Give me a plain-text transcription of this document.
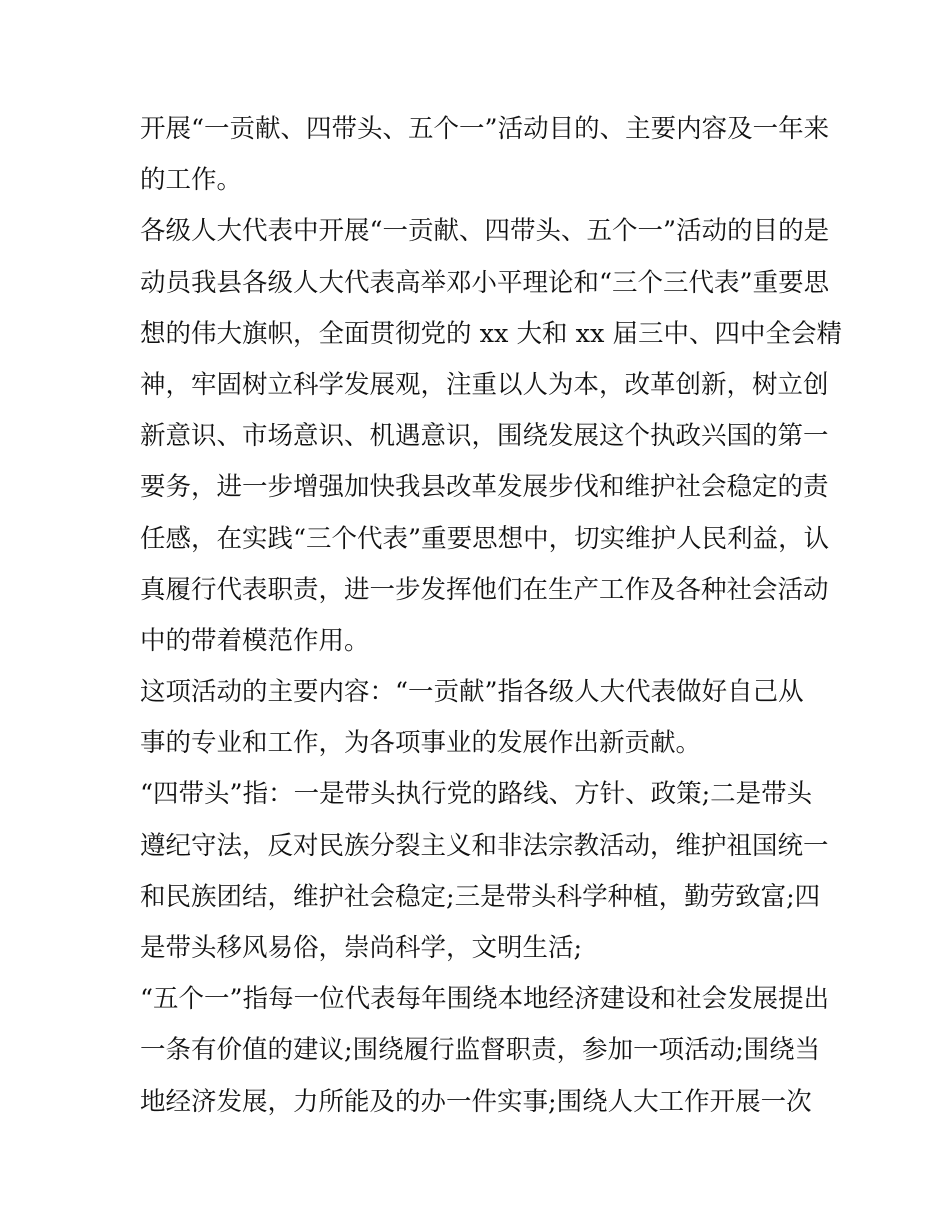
开展“一贡献、四带头、五个一”活动目的、主要内容及一年来
的工作。
各级人大代表中开展“一贡献、四带头、五个一”活动的目的是
动员我县各级人大代表高举邓小平理论和“三个三代表”重要思
想的伟大旗帜，全面贯彻党的 xx 大和 xx 届三中、四中全会精
神，牢固树立科学发展观，注重以人为本，改革创新，树立创
新意识、市场意识、机遇意识，围绕发展这个执政兴国的第一
要务，进一步增强加快我县改革发展步伐和维护社会稳定的责
任感，在实践“三个代表”重要思想中，切实维护人民利益，认
真履行代表职责，进一步发挥他们在生产工作及各种社会活动
中的带着模范作用。
这项活动的主要内容：“一贡献”指各级人大代表做好自己从
事的专业和工作，为各项事业的发展作出新贡献。
“四带头”指：一是带头执行党的路线、方针、政策;二是带头
遵纪守法，反对民族分裂主义和非法宗教活动，维护祖国统一
和民族团结，维护社会稳定;三是带头科学种植，勤劳致富;四
是带头移风易俗，崇尚科学，文明生活;
“五个一”指每一位代表每年围绕本地经济建设和社会发展提出
一条有价值的建议;围绕履行监督职责，参加一项活动;围绕当
地经济发展，力所能及的办一件实事;围绕人大工作开展一次
